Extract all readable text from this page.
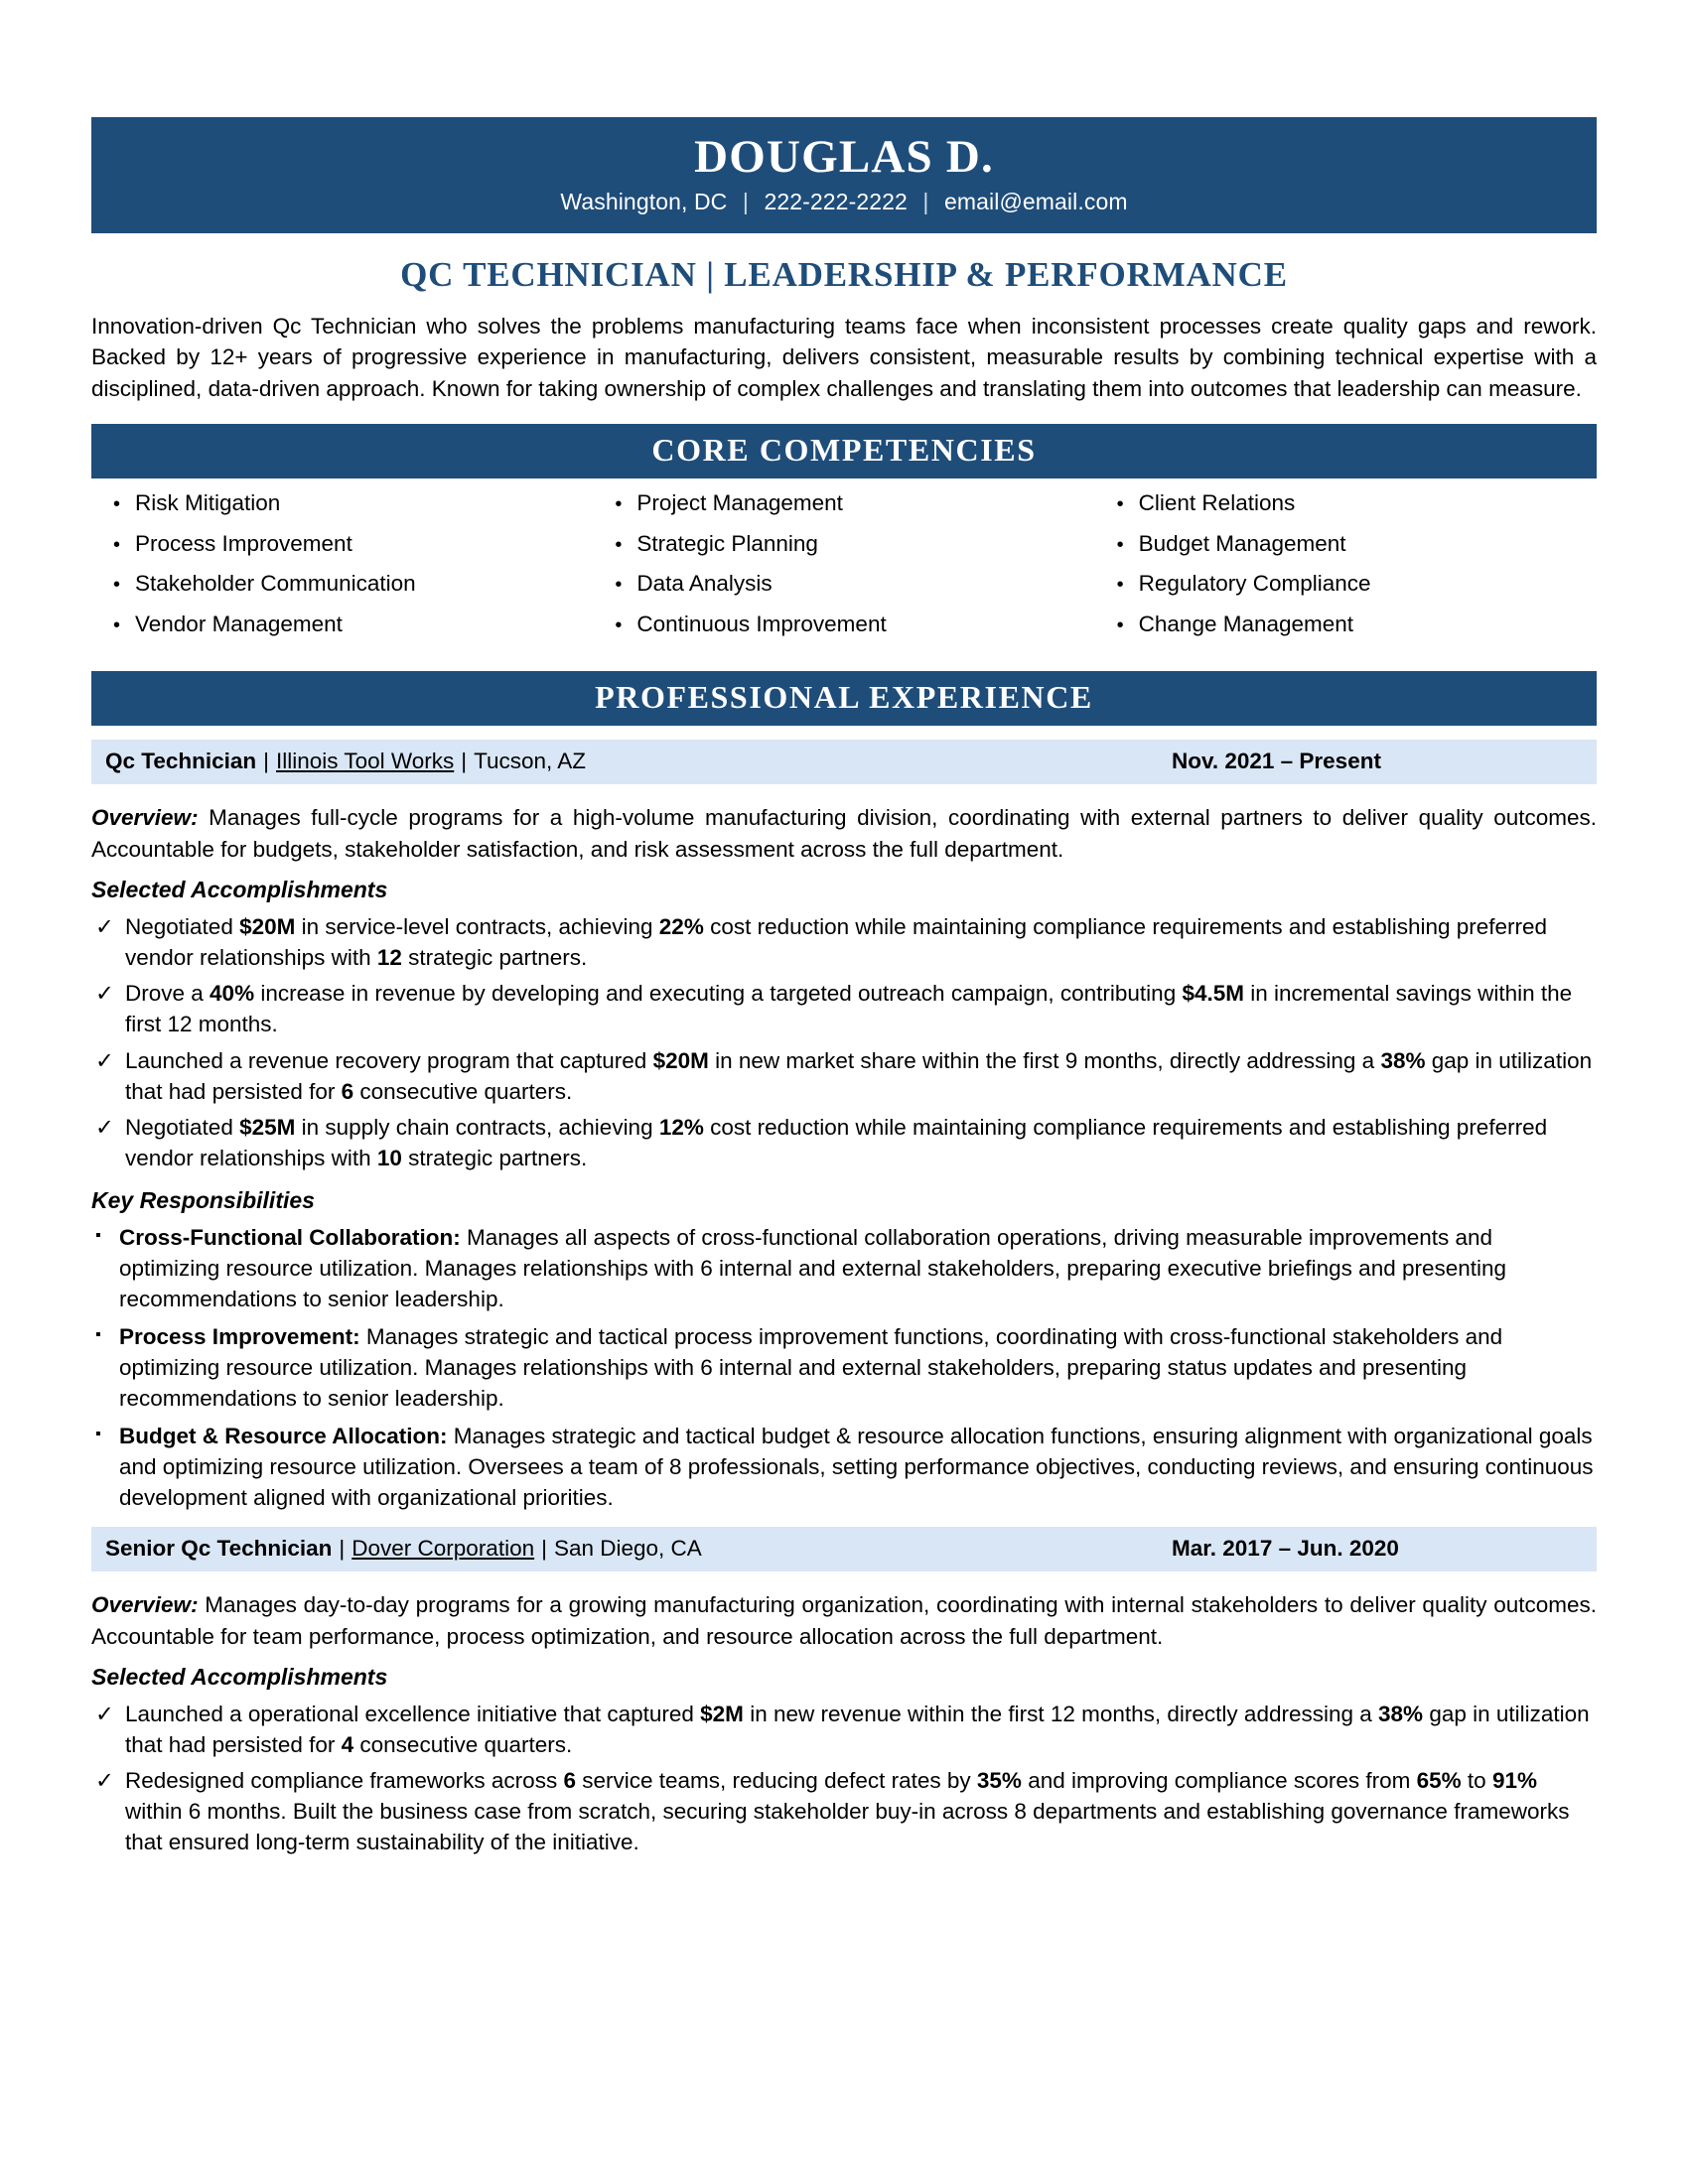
DOUGLAS D.
Washington, DC | 222-222-2222 | email@email.com
QC TECHNICIAN | LEADERSHIP & PERFORMANCE
Innovation-driven Qc Technician who solves the problems manufacturing teams face when inconsistent processes create quality gaps and rework. Backed by 12+ years of progressive experience in manufacturing, delivers consistent, measurable results by combining technical expertise with a disciplined, data-driven approach. Known for taking ownership of complex challenges and translating them into outcomes that leadership can measure.
CORE COMPETENCIES
• Risk Mitigation
• Process Improvement
• Stakeholder Communication
• Vendor Management
• Project Management
• Strategic Planning
• Data Analysis
• Continuous Improvement
• Client Relations
• Budget Management
• Regulatory Compliance
• Change Management
PROFESSIONAL EXPERIENCE
Qc Technician | Illinois Tool Works | Tucson, AZ	Nov. 2021 – Present
Overview: Manages full-cycle programs for a high-volume manufacturing division, coordinating with external partners to deliver quality outcomes. Accountable for budgets, stakeholder satisfaction, and risk assessment across the full department.
Selected Accomplishments
✓ Negotiated $20M in service-level contracts, achieving 22% cost reduction while maintaining compliance requirements and establishing preferred vendor relationships with 12 strategic partners.
✓ Drove a 40% increase in revenue by developing and executing a targeted outreach campaign, contributing $4.5M in incremental savings within the first 12 months.
✓ Launched a revenue recovery program that captured $20M in new market share within the first 9 months, directly addressing a 38% gap in utilization that had persisted for 6 consecutive quarters.
✓ Negotiated $25M in supply chain contracts, achieving 12% cost reduction while maintaining compliance requirements and establishing preferred vendor relationships with 10 strategic partners.
Key Responsibilities
▪ Cross-Functional Collaboration: Manages all aspects of cross-functional collaboration operations, driving measurable improvements and optimizing resource utilization. Manages relationships with 6 internal and external stakeholders, preparing executive briefings and presenting recommendations to senior leadership.
▪ Process Improvement: Manages strategic and tactical process improvement functions, coordinating with cross-functional stakeholders and optimizing resource utilization. Manages relationships with 6 internal and external stakeholders, preparing status updates and presenting recommendations to senior leadership.
▪ Budget & Resource Allocation: Manages strategic and tactical budget & resource allocation functions, ensuring alignment with organizational goals and optimizing resource utilization. Oversees a team of 8 professionals, setting performance objectives, conducting reviews, and ensuring continuous development aligned with organizational priorities.
Senior Qc Technician | Dover Corporation | San Diego, CA	Mar. 2017 – Jun. 2020
Overview: Manages day-to-day programs for a growing manufacturing organization, coordinating with internal stakeholders to deliver quality outcomes. Accountable for team performance, process optimization, and resource allocation across the full department.
Selected Accomplishments
✓ Launched a operational excellence initiative that captured $2M in new revenue within the first 12 months, directly addressing a 38% gap in utilization that had persisted for 4 consecutive quarters.
✓ Redesigned compliance frameworks across 6 service teams, reducing defect rates by 35% and improving compliance scores from 65% to 91% within 6 months. Built the business case from scratch, securing stakeholder buy-in across 8 departments and establishing governance frameworks that ensured long-term sustainability of the initiative.
